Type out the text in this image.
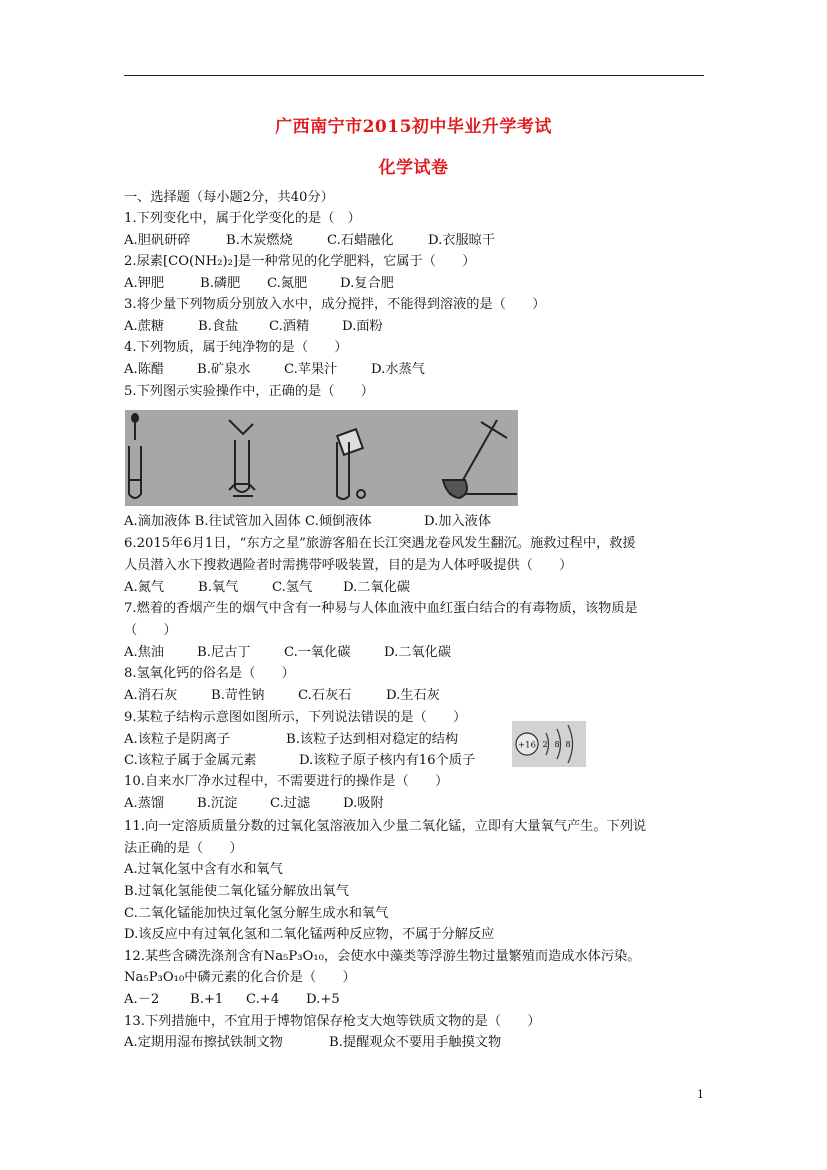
广西南宁市2015初中毕业升学考试
化学试卷
一、选择题（每小题2分，共40分）
1.下列变化中，属于化学变化的是（　）
A.胆矾研碎	B.木炭燃烧	C.石蜡融化	D.衣服晾干
2.尿素[CO(NH₂)₂]是一种常见的化学肥料，它属于（　　）
A.钾肥	B.磷肥 C.氮肥 D.复合肥
3.将少量下列物质分别放入水中，成分搅拌，不能得到溶液的是（　　）
A.蔗糖	B.食盐 C.酒精 D.面粉
4.下列物质，属于纯净物的是（　　）
A.陈醋 B.矿泉水	C.苹果汁	D.水蒸气
5.下列图示实验操作中，正确的是（　　）
A.滴加液体 B.往试管加入固体 C.倾倒液体	D.加入液体
6.2015年6月1日，“东方之星”旅游客船在长江突遇龙卷风发生翻沉。施救过程中，救援
人员潜入水下搜救遇险者时需携带呼吸装置，目的是为人体呼吸提供（　　）
A.氮气	B.氧气	C.氢气 D.二氧化碳
7.燃着的香烟产生的烟气中含有一种易与人体血液中血红蛋白结合的有毒物质，该物质是
（　　）
A.焦油 B.尼古丁	C.一氧化碳	D.二氧化碳
8.氢氧化钙的俗名是（　　）
A.消石灰	B.苛性钠	C.石灰石	D.生石灰
9.某粒子结构示意图如图所示，下列说法错误的是（　　）
A.该粒子是阴离子	B.该粒子达到相对稳定的结构
C.该粒子属于金属元素	D.该粒子原子核内有16个质子
+16 2 8 8
10.自来水厂净水过程中，不需要进行的操作是（　　）
A.蒸馏 B.沉淀 C.过滤 D.吸附
11.向一定溶质质量分数的过氧化氢溶液加入少量二氧化锰，立即有大量氧气产生。下列说
法正确的是（　　）
A.过氧化氢中含有水和氧气
B.过氧化氢能使二氧化锰分解放出氧气
C.二氧化锰能加快过氧化氢分解生成水和氧气
D.该反应中有过氧化氢和二氧化锰两种反应物，不属于分解反应
12.某些含磷洗涤剂含有Na₅P₃O₁₀，会使水中藻类等浮游生物过量繁殖而造成水体污染。
Na₅P₃O₁₀中磷元素的化合价是（　　）
A.－2 B.+1 C.+4 D.+5
13.下列措施中，不宜用于博物馆保存枪支大炮等铁质文物的是（　　）
A.定期用湿布擦拭铁制文物	B.提醒观众不要用手触摸文物
1
